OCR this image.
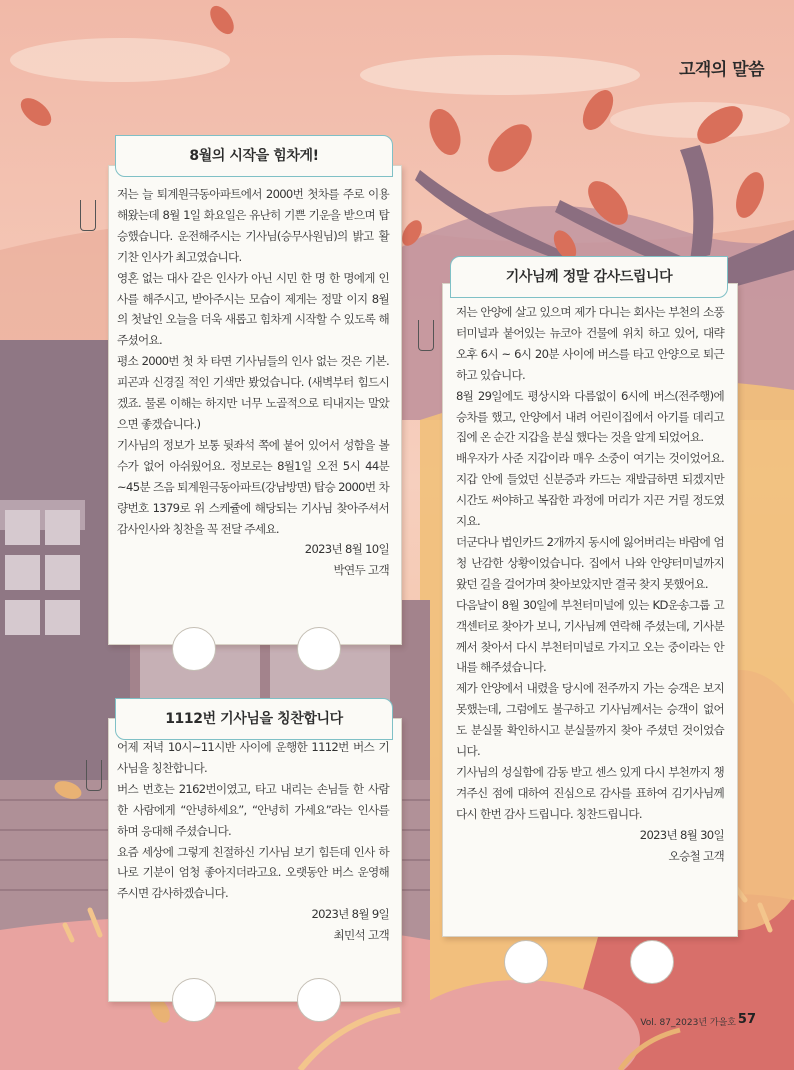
고객의 말씀

저는 늘 퇴계원극동아파트에서 2000번 첫차를 주로 이용해왔는데 8월 1일 화요일은 유난히 기쁜 기운을 받으며 탑승했습니다. 운전해주시는 기사님(승무사원님)의 밝고 활기찬 인사가 최고였습니다.

영혼 없는 대사 같은 인사가 아닌 시민 한 명 한 명에게 인사를 해주시고, 받아주시는 모습이 제게는 정말 이지 8월의 첫날인 오늘을 더욱 새롭고 힘차게 시작할 수 있도록 해주셨어요.

평소 2000번 첫 차 타면 기사님들의 인사 없는 것은 기본. 피곤과 신경질 적인 기색만 봤었습니다. (새벽부터 힘드시겠죠. 물론 이해는 하지만 너무 노골적으로 티내지는 말았으면 좋겠습니다.)

기사님의 정보가 보통 뒷좌석 쪽에 붙어 있어서 성함을 볼 수가 없어 아쉬웠어요. 정보로는 8월1일 오전 5시 44분~45분 즈음 퇴계원극동아파트(강남방면) 탑승 2000번 차량번호 1379로 위 스케쥴에 해당되는 기사님 찾아주셔서 감사인사와 칭찬을 꼭 전달 주세요.

2023년 8월 10일

박연두 고객

8월의 시작을 힘차게!

어제 저녁 10시~11시반 사이에 운행한 1112번 버스 기사님을 칭찬합니다.

버스 번호는 2162번이였고, 타고 내리는 손님들 한 사람 한 사람에게 “안녕하세요”, “안녕히 가세요”라는 인사를 하며 응대해 주셨습니다.

요즘 세상에 그렇게 친절하신 기사님 보기 힘든데 인사 하나로 기분이 엄청 좋아지더라고요. 오랫동안 버스 운영해주시면 감사하겠습니다.

2023년 8월 9일

최민석 고객

1112번 기사님을 칭찬합니다

저는 안양에 살고 있으며 제가 다니는 회사는 부천의 소풍터미널과 붙어있는 뉴코아 건물에 위치 하고 있어, 대략 오후 6시 ~ 6시 20분 사이에 버스를 타고 안양으로 퇴근하고 있습니다.

8월 29일에도 평상시와 다름없이 6시에 버스(전주행)에 승차를 했고, 안양에서 내려 어린이집에서 아기를 데리고 집에 온 순간 지갑을 분실 했다는 것을 알게 되었어요.

배우자가 사준 지갑이라 매우 소중이 여기는 것이었어요. 지갑 안에 들었던 신분증과 카드는 재발급하면 되겠지만 시간도 써야하고 복잡한 과정에 머리가 지끈 거릴 정도였지요.

더군다나 법인카드 2개까지 동시에 잃어버리는 바람에 엄청 난감한 상황이었습니다. 집에서 나와 안양터미널까지 왔던 길을 걸어가며 찾아보았지만 결국 찾지 못했어요.

다음날이 8월 30일에 부천터미널에 있는 KD운송그룹 고객센터로 찾아가 보니, 기사님께 연락해 주셨는데, 기사분께서 찾아서 다시 부천터미널로 가지고 오는 중이라는 안내를 해주셨습니다.

제가 안양에서 내렸을 당시에 전주까지 가는 승객은 보지 못했는데, 그럼에도 불구하고 기사님께서는 승객이 없어도 분실물 확인하시고 분실물까지 찾아 주셨던 것이었습니다.

기사님의 성실함에 감동 받고 센스 있게 다시 부천까지 챙겨주신 점에 대하여 진심으로 감사를 표하여 김기사님께 다시 한번 감사 드립니다. 칭찬드립니다.

2023년 8월 30일

오승철 고객

기사님께 정말 감사드립니다
Vol. 87_2023년 가을호 57
